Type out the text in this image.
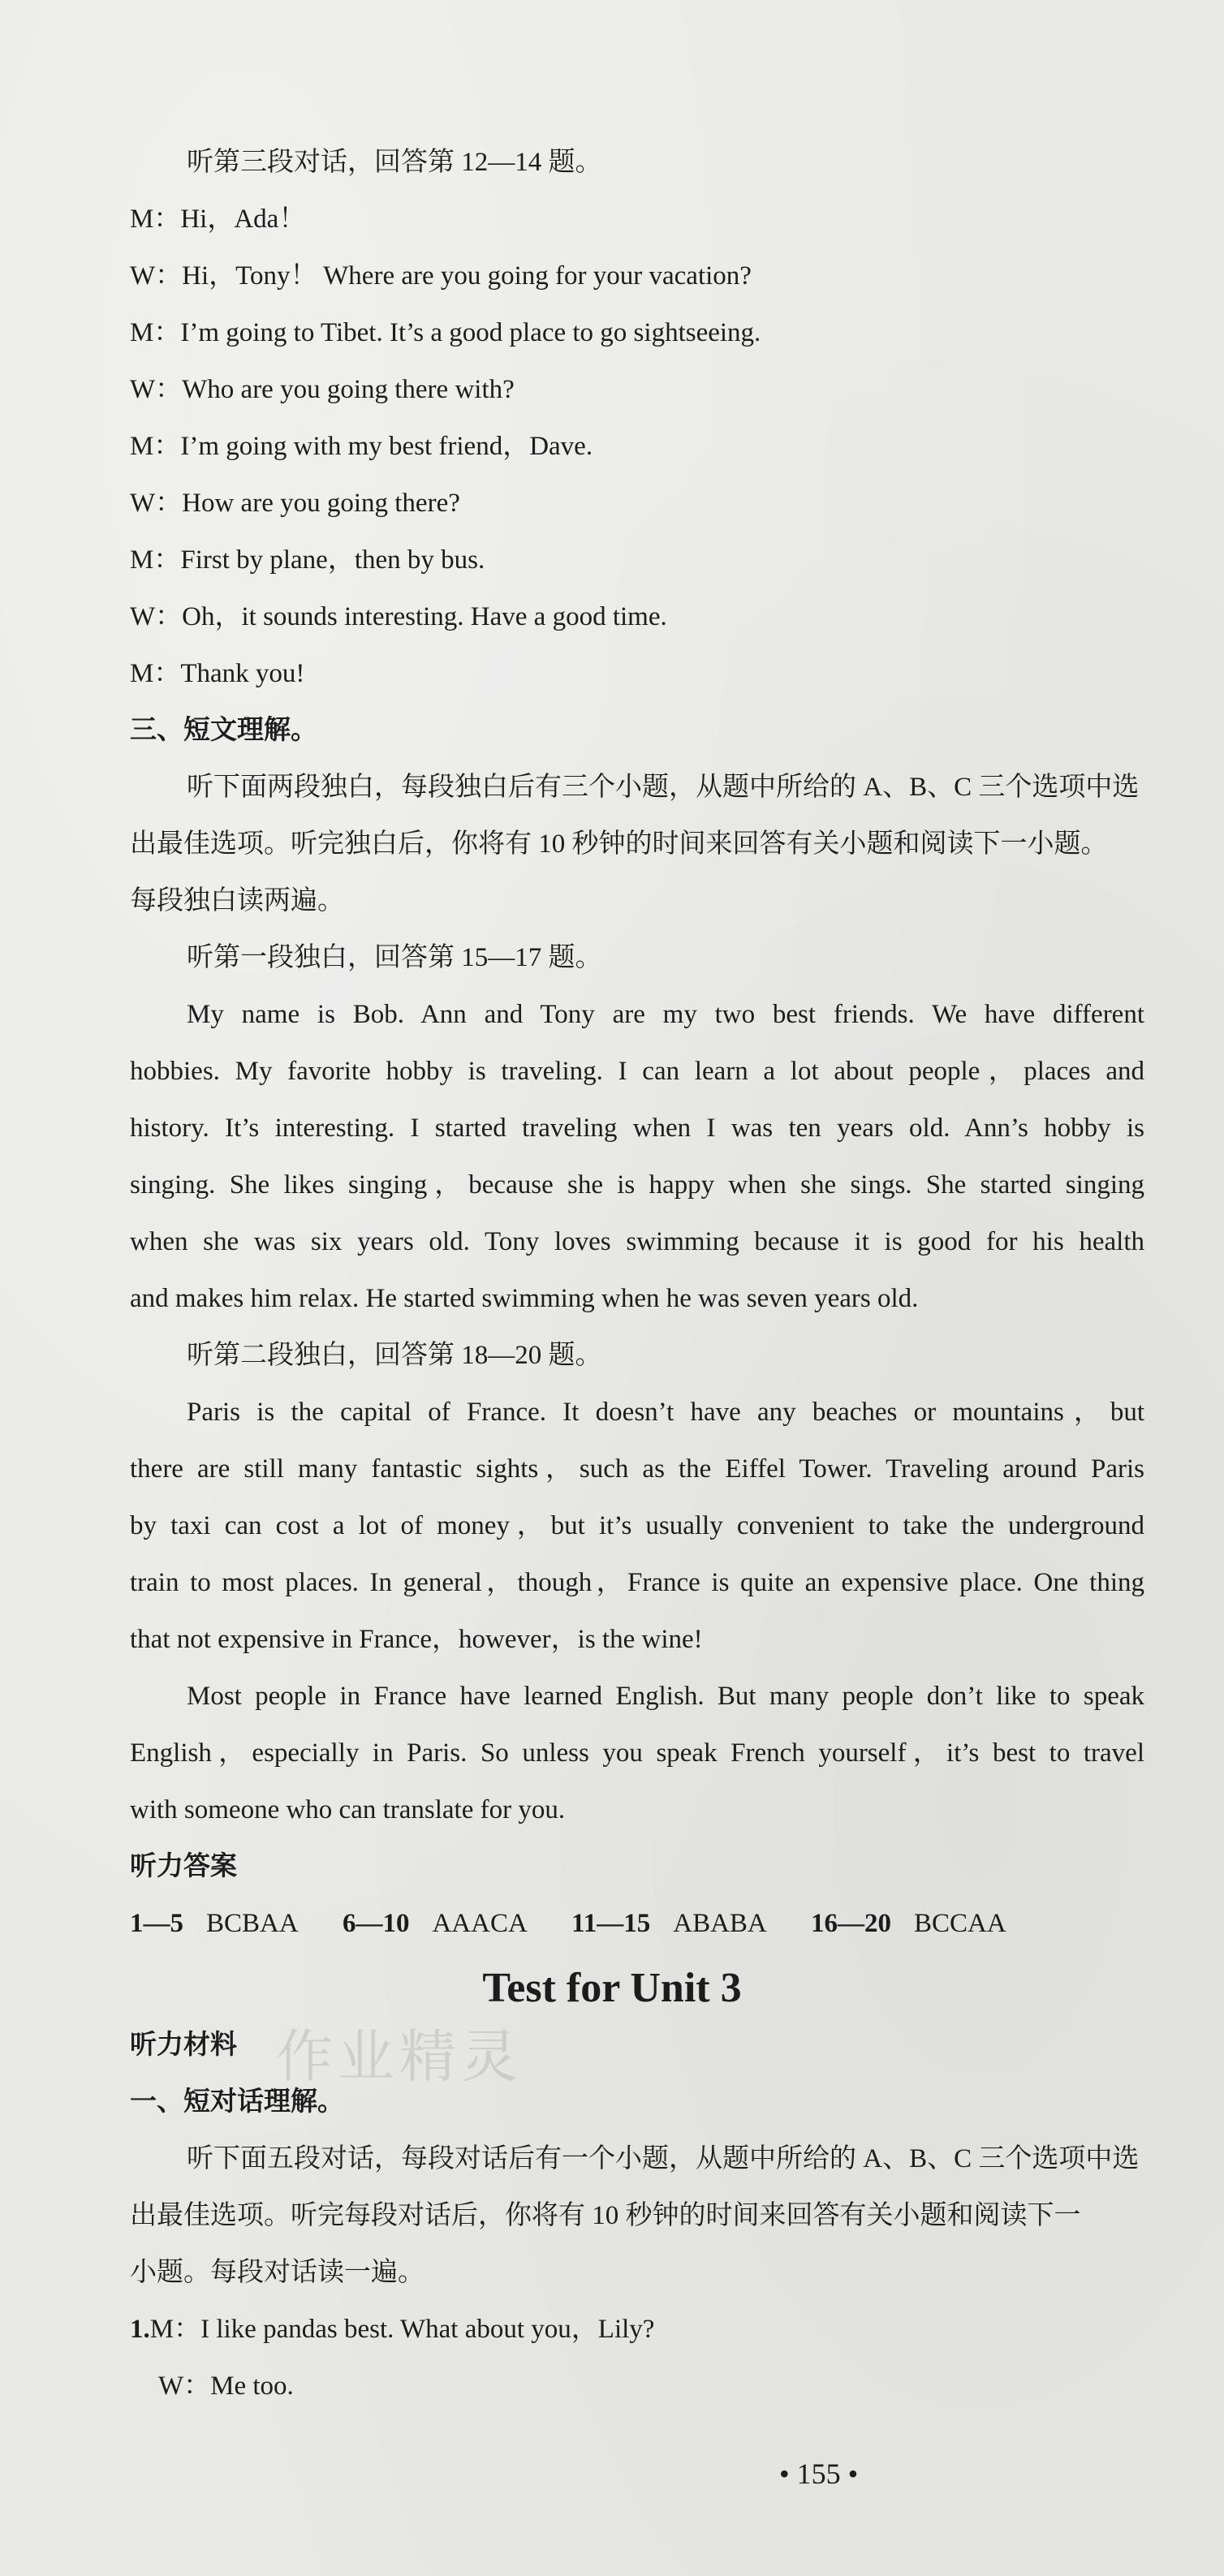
听第三段对话，回答第 12—14 题。
M：Hi，Ada！
W：Hi，Tony！ Where are you going for your vacation?
M：I’m going to Tibet. It’s a good place to go sightseeing.
W：Who are you going there with?
M：I’m going with my best friend，Dave.
W：How are you going there?
M：First by plane，then by bus.
W：Oh，it sounds interesting. Have a good time.
M：Thank you!
三、短文理解。
听下面两段独白，每段独白后有三个小题，从题中所给的 A、B、C 三个选项中选
出最佳选项。听完独白后，你将有 10 秒钟的时间来回答有关小题和阅读下一小题。
每段独白读两遍。
听第一段独白，回答第 15—17 题。
My name is Bob. Ann and Tony are my two best friends. We have different
hobbies. My favorite hobby is traveling. I can learn a lot about people，places and
history. It’s interesting. I started traveling when I was ten years old. Ann’s hobby is
singing. She likes singing，because she is happy when she sings. She started singing
when she was six years old. Tony loves swimming because it is good for his health
and makes him relax. He started swimming when he was seven years old.
听第二段独白，回答第 18—20 题。
Paris is the capital of France. It doesn’t have any beaches or mountains，but
there are still many fantastic sights，such as the Eiffel Tower. Traveling around Paris
by taxi can cost a lot of money，but it’s usually convenient to take the underground
train to most places. In general，though，France is quite an expensive place. One thing
that not expensive in France，however，is the wine!
Most people in France have learned English. But many people don’t like to speak
English，especially in Paris. So unless you speak French yourself，it’s best to travel
with someone who can translate for you.
听力答案
1—5 BCBAA 6—10 AAACA 11—15 ABABA 16—20 BCCAA
Test for Unit 3
作业精灵
听力材料
一、短对话理解。
听下面五段对话，每段对话后有一个小题，从题中所给的 A、B、C 三个选项中选
出最佳选项。听完每段对话后，你将有 10 秒钟的时间来回答有关小题和阅读下一
小题。每段对话读一遍。
1.M：I like pandas best. What about you，Lily?
W：Me too.
• 155 •
